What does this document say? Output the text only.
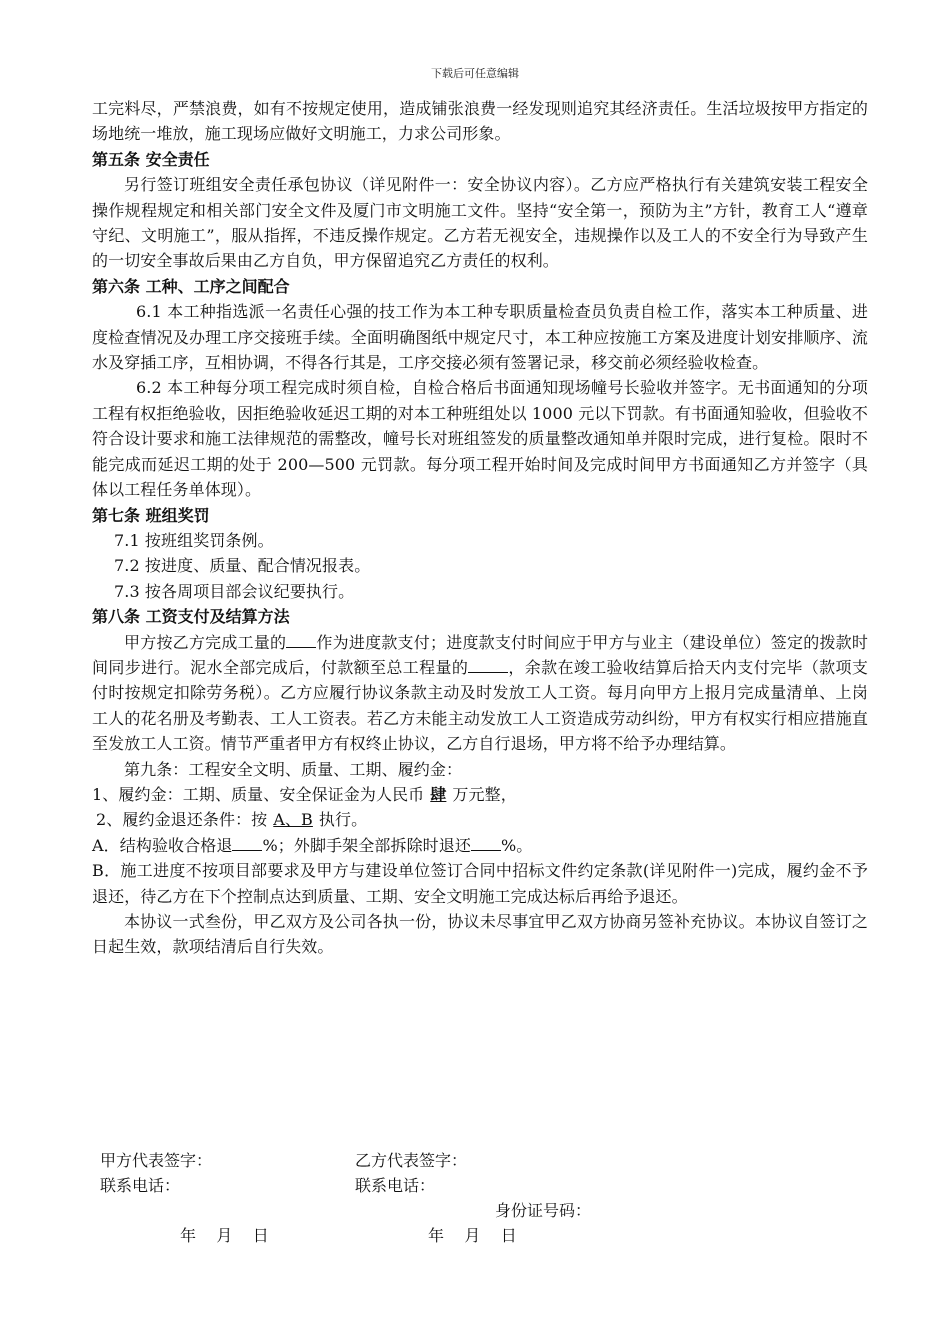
下载后可任意编辑

工完料尽，严禁浪费，如有不按规定使用，造成铺张浪费一经发现则追究其经济责任。生活垃圾按甲方指定的场地统一堆放，施工现场应做好文明施工，力求公司形象。

第五条 安全责任

另行签订班组安全责任承包协议（详见附件一：安全协议内容）。乙方应严格执行有关建筑安装工程安全操作规程规定和相关部门安全文件及厦门市文明施工文件。坚持“安全第一，预防为主”方针，教育工人“遵章守纪、文明施工”，服从指挥，不违反操作规定。乙方若无视安全，违规操作以及工人的不安全行为导致产生的一切安全事故后果由乙方自负，甲方保留追究乙方责任的权利。

第六条 工种、工序之间配合

6.1 本工种指选派一名责任心强的技工作为本工种专职质量检查员负责自检工作，落实本工种质量、进度检查情况及办理工序交接班手续。全面明确图纸中规定尺寸，本工种应按施工方案及进度计划安排顺序、流水及穿插工序，互相协调，不得各行其是，工序交接必须有签署记录，移交前必须经验收检查。

6.2 本工种每分项工程完成时须自检，自检合格后书面通知现场幢号长验收并签字。无书面通知的分项工程有权拒绝验收，因拒绝验收延迟工期的对本工种班组处以 1000 元以下罚款。有书面通知验收，但验收不符合设计要求和施工法律规范的需整改，幢号长对班组签发的质量整改通知单并限时完成，进行复检。限时不能完成而延迟工期的处于 200—500 元罚款。每分项工程开始时间及完成时间甲方书面通知乙方并签字（具体以工程任务单体现）。

第七条 班组奖罚

7.1 按班组奖罚条例。

7.2 按进度、质量、配合情况报表。

7.3 按各周项目部会议纪要执行。

第八条 工资支付及结算方法

甲方按乙方完成工量的 作为进度款支付；进度款支付时间应于甲方与业主（建设单位）签定的拨款时间同步进行。泥水全部完成后，付款额至总工程量的	，余款在竣工验收结算后拾天内支付完毕（款项支付时按规定扣除劳务税）。乙方应履行协议条款主动及时发放工人工资。每月向甲方上报月完成量清单、上岗工人的花名册及考勤表、工人工资表。若乙方未能主动发放工人工资造成劳动纠纷，甲方有权实行相应措施直至发放工人工资。情节严重者甲方有权终止协议，乙方自行退场，甲方将不给予办理结算。

第九条：工程安全文明、质量、工期、履约金：

1、履约金：工期、质量、安全保证金为人民币 肆 万元整，

2、履约金退还条件：按 A、B 执行。

A．结构验收合格退 %；外脚手架全部拆除时退还 %。

B．施工进度不按项目部要求及甲方与建设单位签订合同中招标文件约定条款(详见附件一)完成，履约金不予退还，待乙方在下个控制点达到质量、工期、安全文明施工完成达标后再给予退还。

本协议一式叁份，甲乙双方及公司各执一份，协议未尽事宜甲乙双方协商另签补充协议。本协议自签订之日起生效，款项结清后自行失效。

甲方代表签字：	乙方代表签字：

联系电话：	联系电话：

身份证号码：

年    月    日	年    月    日
